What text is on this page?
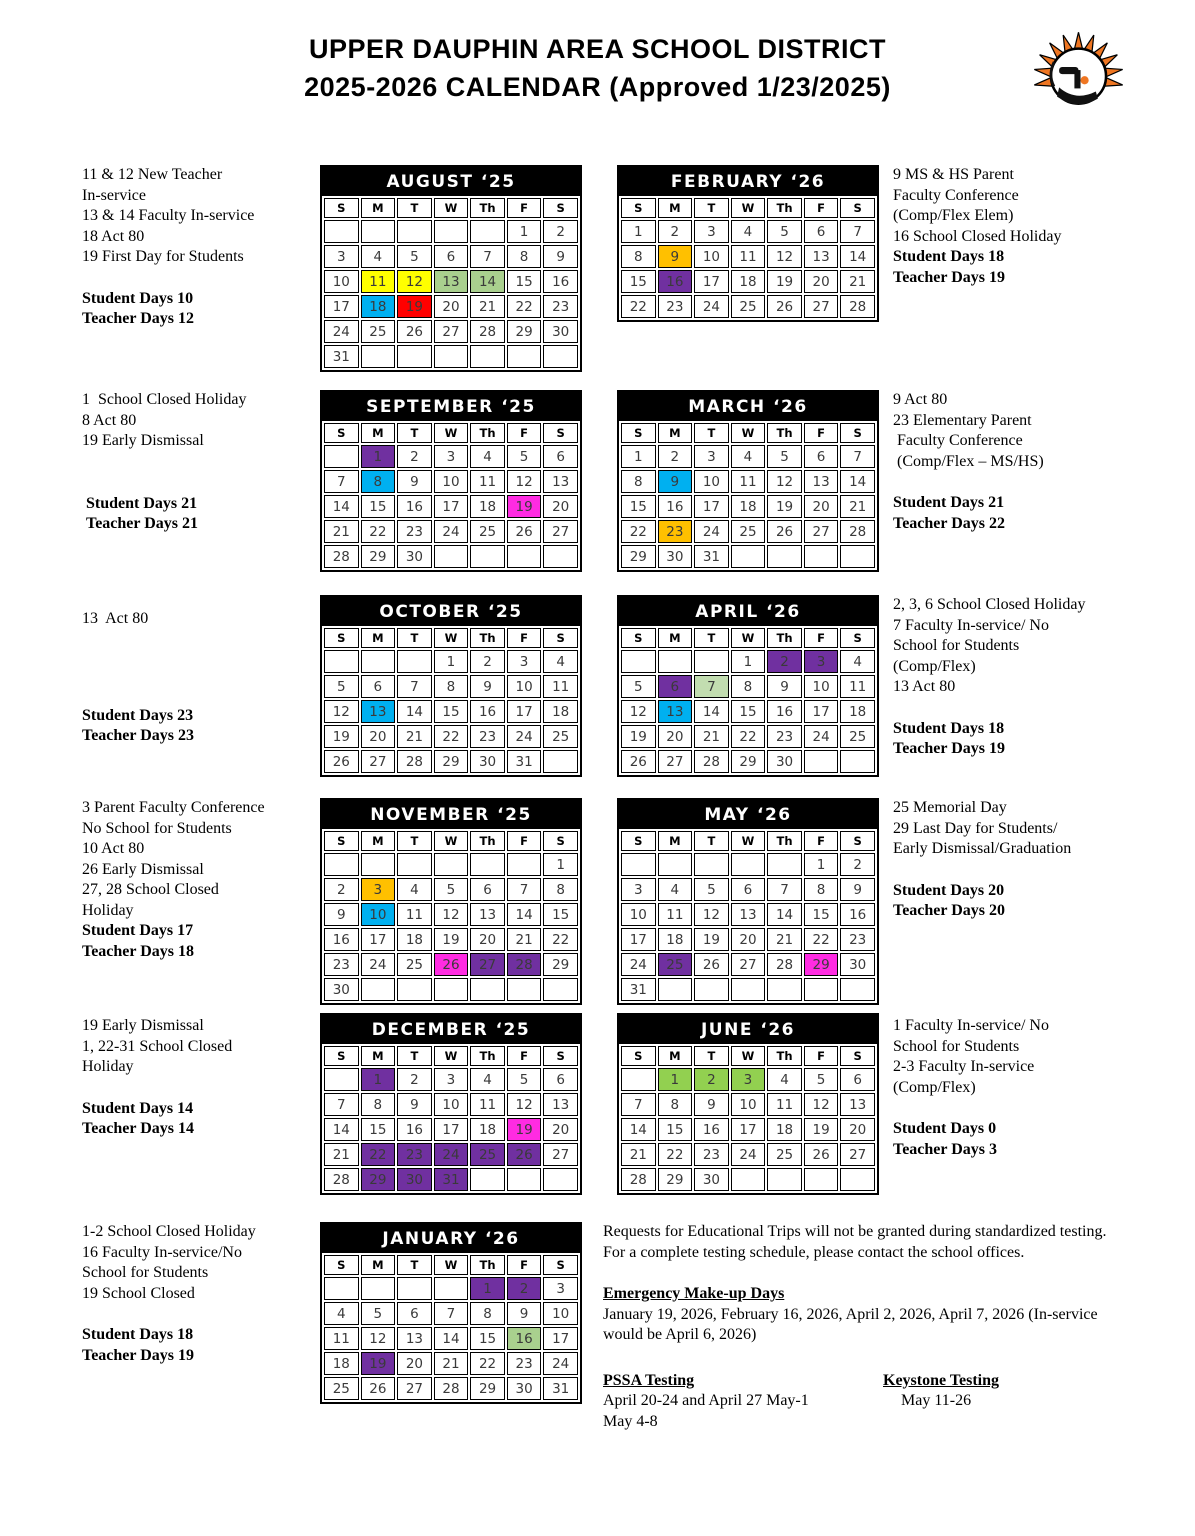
UPPER DAUPHIN AREA SCHOOL DISTRICT
2025-2026 CALENDAR (Approved 1/23/2025)
11 & 12 New Teacher
In-service
13 & 14 Faculty In-service
18 Act 80
19 First Day for Students
Student Days 10
Teacher Days 12
AUGUST ‘25
S	M	T	W	Th	F	S
					1	2
3	4	5	6	7	8	9
10	11	12	13	14	15	16
17	18	19	20	21	22	23
24	25	26	27	28	29	30
31						
FEBRUARY ‘26
S	M	T	W	Th	F	S
1	2	3	4	5	6	7
8	9	10	11	12	13	14
15	16	17	18	19	20	21
22	23	24	25	26	27	28
9 MS & HS Parent
Faculty Conference
(Comp/Flex Elem)
16 School Closed Holiday
Student Days 18
Teacher Days 19
1  School Closed Holiday
8 Act 80
19 Early Dismissal
Student Days 21
Teacher Days 21
SEPTEMBER ‘25
S	M	T	W	Th	F	S
	1	2	3	4	5	6
7	8	9	10	11	12	13
14	15	16	17	18	19	20
21	22	23	24	25	26	27
28	29	30				
MARCH ‘26
S	M	T	W	Th	F	S
1	2	3	4	5	6	7
8	9	10	11	12	13	14
15	16	17	18	19	20	21
22	23	24	25	26	27	28
29	30	31				
9 Act 80
23 Elementary Parent
Faculty Conference
(Comp/Flex – MS/HS)
Student Days 21
Teacher Days 22
13  Act 80
Student Days 23
Teacher Days 23
OCTOBER ‘25
S	M	T	W	Th	F	S
			1	2	3	4
5	6	7	8	9	10	11
12	13	14	15	16	17	18
19	20	21	22	23	24	25
26	27	28	29	30	31	
APRIL ‘26
S	M	T	W	Th	F	S
			1	2	3	4
5	6	7	8	9	10	11
12	13	14	15	16	17	18
19	20	21	22	23	24	25
26	27	28	29	30		
2, 3, 6 School Closed Holiday
7 Faculty In-service/ No
School for Students
(Comp/Flex)
13 Act 80
Student Days 18
Teacher Days 19
3 Parent Faculty Conference
No School for Students
10 Act 80
26 Early Dismissal
27, 28 School Closed
Holiday
Student Days 17
Teacher Days 18
NOVEMBER ‘25
S	M	T	W	Th	F	S
						1
2	3	4	5	6	7	8
9	10	11	12	13	14	15
16	17	18	19	20	21	22
23	24	25	26	27	28	29
30						
MAY ‘26
S	M	T	W	Th	F	S
					1	2
3	4	5	6	7	8	9
10	11	12	13	14	15	16
17	18	19	20	21	22	23
24	25	26	27	28	29	30
31						
25 Memorial Day
29 Last Day for Students/
Early Dismissal/Graduation
Student Days 20
Teacher Days 20
19 Early Dismissal
1, 22-31 School Closed
Holiday
Student Days 14
Teacher Days 14
DECEMBER ‘25
S	M	T	W	Th	F	S
	1	2	3	4	5	6
7	8	9	10	11	12	13
14	15	16	17	18	19	20
21	22	23	24	25	26	27
28	29	30	31			
JUNE ‘26
S	M	T	W	Th	F	S
	1	2	3	4	5	6
7	8	9	10	11	12	13
14	15	16	17	18	19	20
21	22	23	24	25	26	27
28	29	30				
1 Faculty In-service/ No
School for Students
2-3 Faculty In-service
(Comp/Flex)
Student Days 0
Teacher Days 3
1-2 School Closed Holiday
16 Faculty In-service/No
School for Students
19 School Closed
Student Days 18
Teacher Days 19
JANUARY ‘26
S	M	T	W	Th	F	S
				1	2	3
4	5	6	7	8	9	10
11	12	13	14	15	16	17
18	19	20	21	22	23	24
25	26	27	28	29	30	31
Requests for Educational Trips will not be granted during standardized testing.  For a complete testing schedule, please contact the school offices.
Emergency Make-up Days
January 19, 2026, February 16, 2026, April 2, 2026, April 7, 2026 (In-service would be April 6, 2026)
PSSA Testing
April 20-24 and April 27 May-1
May 4-8
Keystone Testing
May 11-26
